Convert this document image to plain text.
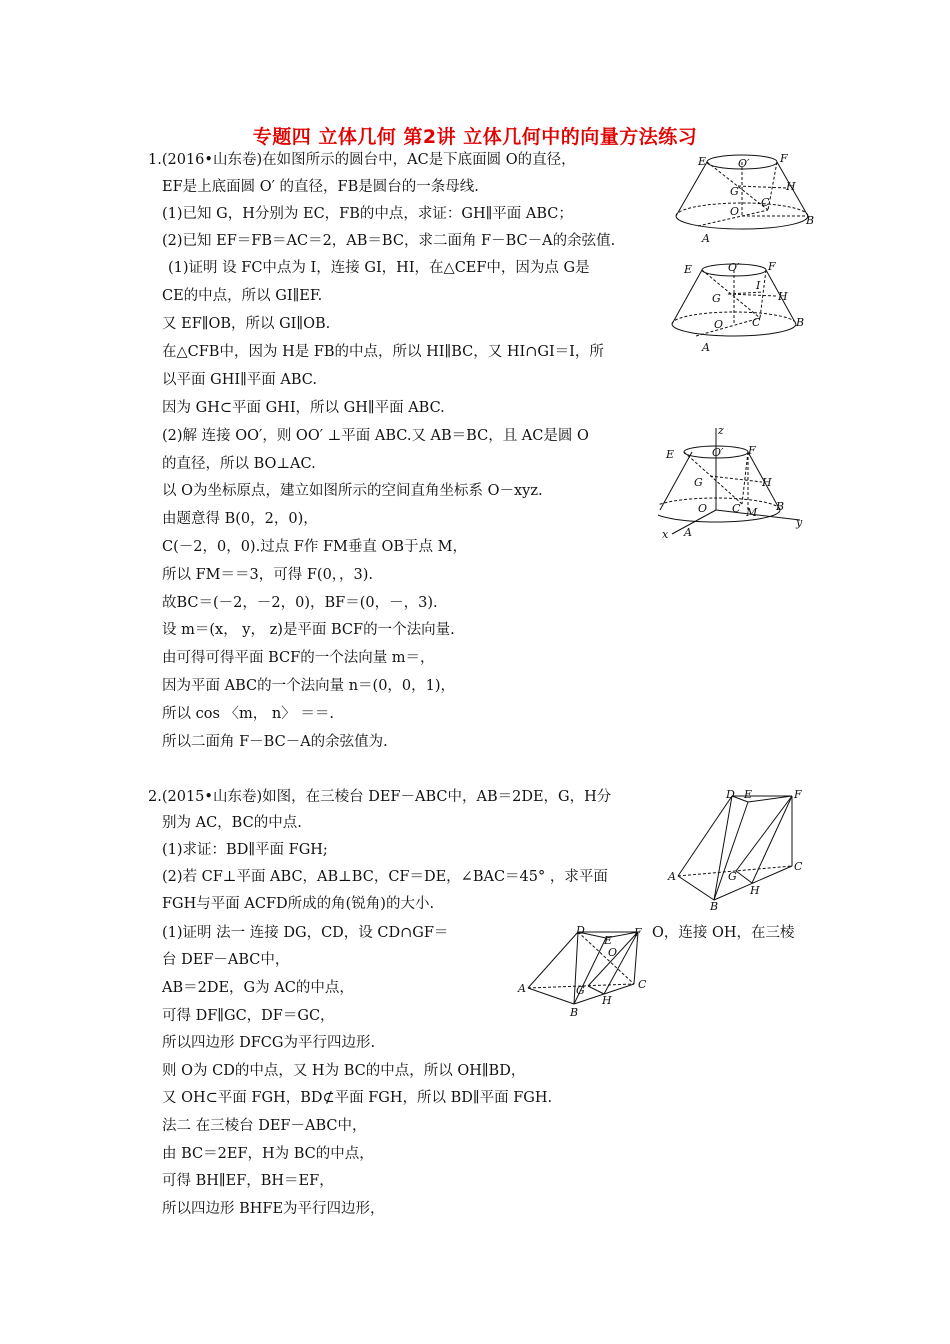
专题四 立体几何 第2讲 立体几何中的向量方法练习
1.(2016•山东卷)在如图所示的圆台中，AC是下底面圆 O的直径，
EF是上底面圆 O′ 的直径，FB是圆台的一条母线.
(1)已知 G，H分别为 EC，FB的中点，求证：GH∥平面 ABC；
(2)已知 EF＝FB＝AC＝2，AB＝BC，求二面角 F－BC－A的余弦值.
(1)证明 设 FC中点为 I，连接 GI，HI，在△CEF中，因为点 G是
CE的中点，所以 GI∥EF.
又 EF∥OB，所以 GI∥OB.
在△CFB中，因为 H是 FB的中点，所以 HI∥BC，又 HI∩GI＝I，所
以平面 GHI∥平面 ABC.
因为 GH⊂平面 GHI，所以 GH∥平面 ABC.
(2)解 连接 OO′，则 OO′ ⊥平面 ABC.又 AB＝BC，且 AC是圆 O
的直径，所以 BO⊥AC.
以 O为坐标原点，建立如图所示的空间直角坐标系 O－xyz.
由题意得 B(0，2，0)，
C(－2，0，0).过点 F作 FM垂直 OB于点 M，
所以 FM＝＝3，可得 F(0，，3).
故BC＝(－2，－2，0)，BF＝(0，－，3).
设 m＝(x， y， z)是平面 BCF的一个法向量.
由可得可得平面 BCF的一个法向量 m＝，
因为平面 ABC的一个法向量 n＝(0，0，1)，
所以 cos 〈m， n〉 ＝＝.
所以二面角 F－BC－A的余弦值为.
2.(2015•山东卷)如图，在三棱台 DEF－ABC中，AB＝2DE，G，H分
别为 AC，BC的中点.
(1)求证：BD∥平面 FGH;
(2)若 CF⊥平面 ABC，AB⊥BC，CF＝DE，∠BAC＝45° ，求平面
FGH与平面 ACFD所成的角(锐角)的大小.
(1)证明 法一 连接 DG，CD，设 CD∩GF＝	O，连接 OH，在三棱
台 DEF－ABC中，
AB＝2DE，G为 AC的中点，
可得 DF∥GC，DF＝GC，
所以四边形 DFCG为平行四边形.
则 O为 CD的中点，又 H为 BC的中点，所以 OH∥BD，
又 OH⊂平面 FGH，BD⊄平面 FGH，所以 BD∥平面 FGH.
法二 在三棱台 DEF－ABC中，
由 BC＝2EF，H为 BC的中点，
可得 BH∥EF，BH＝EF，
所以四边形 BHFE为平行四边形，
E	F
O′
G	H
C
O
B
A
E	F
O′
I
G	H
C
O	B
A
z
E	F
O′
G	H
O C M B
y
A
x
D E	F
A
C
G
H
B
D
E
F
O
A	C
G
H
B
